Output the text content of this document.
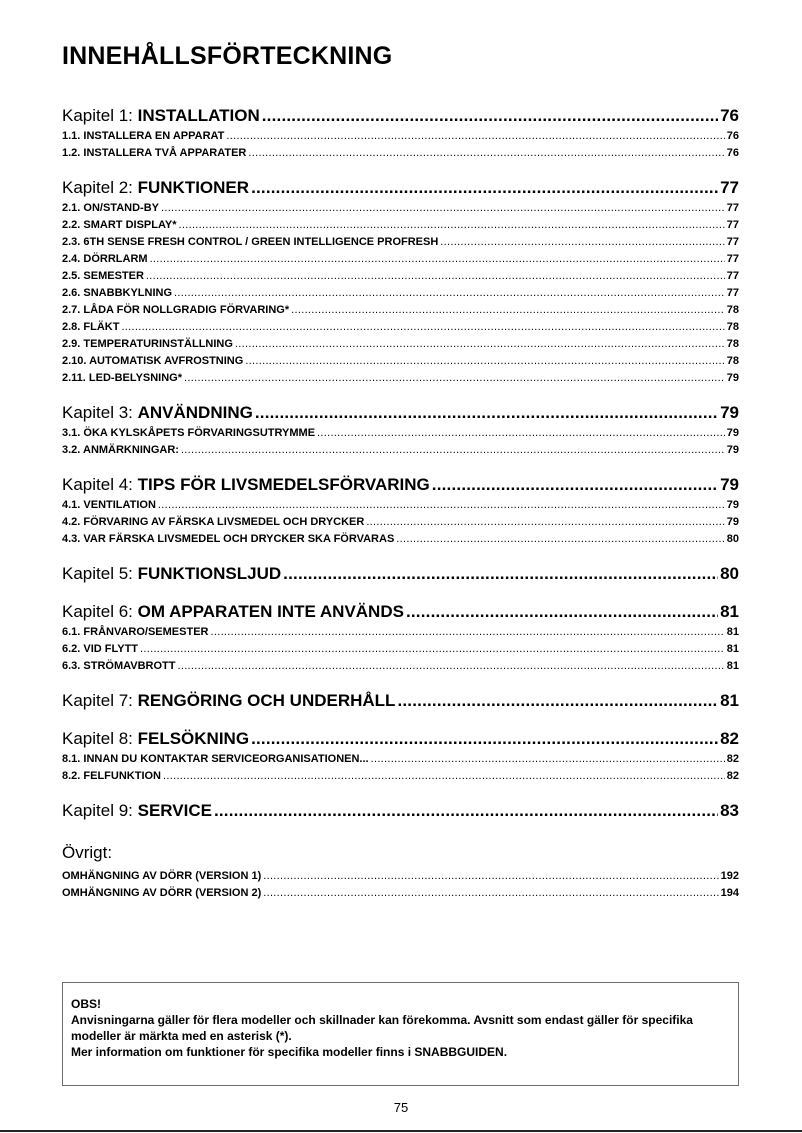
INNEHÅLLSFÖRTECKNING
Kapitel 1: INSTALLATION .....	76
1.1. INSTALLERA EN APPARAT .....	76
1.2. INSTALLERA TVÅ APPARATER .....	76
Kapitel 2: FUNKTIONER .....	77
2.1. ON/STAND-BY .....	77
2.2. SMART DISPLAY* .....	77
2.3. 6TH SENSE FRESH CONTROL / GREEN INTELLIGENCE PROFRESH .....	77
2.4. DÖRRLARM .....	77
2.5. SEMESTER .....	77
2.6. SNABBKYLNING .....	77
2.7. LÅDA FÖR NOLLGRADIG FÖRVARING* .....	78
2.8. FLÄKT .....	78
2.9. TEMPERATURINSTÄLLNING .....	78
2.10. AUTOMATISK AVFROSTNING .....	78
2.11. LED-BELYSNING* .....	79
Kapitel 3: ANVÄNDNING .....	79
3.1. ÖKA KYLSKÅPETS FÖRVARINGSUTRYMME .....	79
3.2. ANMÄRKNINGAR: .....	79
Kapitel 4: TIPS FÖR LIVSMEDELSFÖRVARING .....	79
4.1. VENTILATION .....	79
4.2. FÖRVARING AV FÄRSKA LIVSMEDEL OCH DRYCKER .....	79
4.3. VAR FÄRSKA LIVSMEDEL OCH DRYCKER SKA FÖRVARAS .....	80
Kapitel 5: FUNKTIONSLJUD .....	80
Kapitel 6: OM APPARATEN INTE ANVÄNDS .....	81
6.1. FRÅNVARO/SEMESTER .....	81
6.2. VID FLYTT .....	81
6.3. STRÖMAVBROTT .....	81
Kapitel 7: RENGÖRING OCH UNDERHÅLL .....	81
Kapitel 8: FELSÖKNING .....	82
8.1. INNAN DU KONTAKTAR SERVICEORGANISATIONEN... .....	82
8.2. FELFUNKTION .....	82
Kapitel 9: SERVICE .....	83
Övrigt:
OMHÄNGNING AV DÖRR (VERSION 1) .....	192
OMHÄNGNING AV DÖRR (VERSION 2) .....	194

OBS!

Anvisningarna gäller för flera modeller och skillnader kan förekomma. Avsnitt som endast gäller för specifika modeller är märkta med en asterisk (*).

Mer information om funktioner för specifika modeller finns i SNABBGUIDEN.

75
